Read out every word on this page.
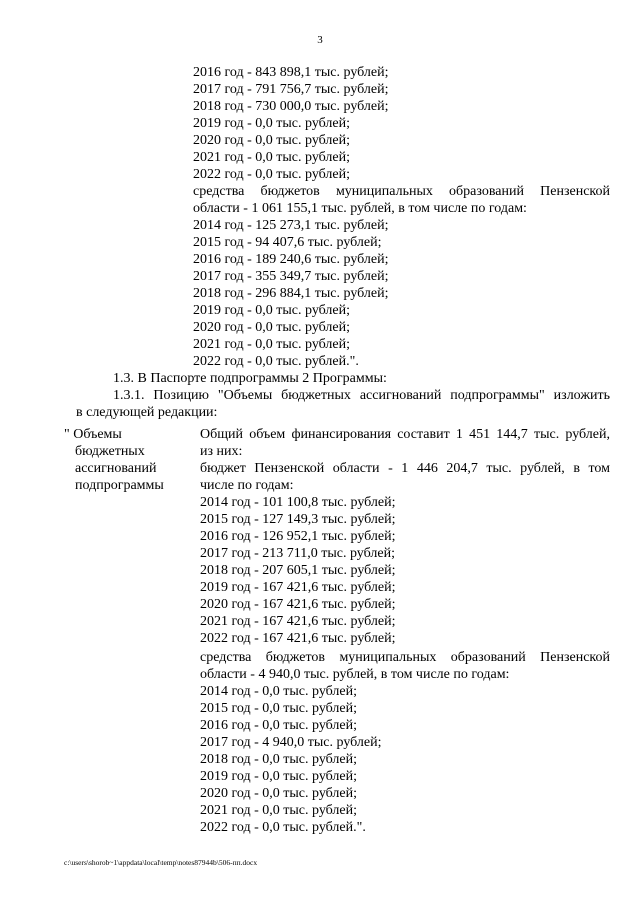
3
2016 год - 843 898,1 тыс. рублей;
2017 год - 791 756,7 тыс. рублей;
2018 год - 730 000,0 тыс. рублей;
2019 год - 0,0 тыс. рублей;
2020 год - 0,0 тыс. рублей;
2021 год - 0,0 тыс. рублей;
2022 год - 0,0 тыс. рублей;
средства бюджетов муниципальных образований Пензенской
области - 1 061 155,1 тыс. рублей, в том числе по годам:
2014 год - 125 273,1 тыс. рублей;
2015 год - 94 407,6 тыс. рублей;
2016 год - 189 240,6 тыс. рублей;
2017 год - 355 349,7 тыс. рублей;
2018 год - 296 884,1 тыс. рублей;
2019 год - 0,0 тыс. рублей;
2020 год - 0,0 тыс. рублей;
2021 год - 0,0 тыс. рублей;
2022 год - 0,0 тыс. рублей.".
1.3. В Паспорте подпрограммы 2 Программы:
1.3.1. Позицию "Объемы бюджетных ассигнований подпрограммы" изложить
в следующей редакции:
" Объемы
бюджетных
ассигнований
подпрограммы
Общий объем финансирования составит 1 451 144,7 тыс. рублей,
из них:
бюджет Пензенской области - 1 446 204,7 тыс. рублей, в том
числе по годам:
2014 год - 101 100,8 тыс. рублей;
2015 год - 127 149,3 тыс. рублей;
2016 год - 126 952,1 тыс. рублей;
2017 год - 213 711,0 тыс. рублей;
2018 год - 207 605,1 тыс. рублей;
2019 год - 167 421,6 тыс. рублей;
2020 год - 167 421,6 тыс. рублей;
2021 год - 167 421,6 тыс. рублей;
2022 год - 167 421,6 тыс. рублей;
средства бюджетов муниципальных образований Пензенской
области - 4 940,0 тыс. рублей, в том числе по годам:
2014 год - 0,0 тыс. рублей;
2015 год - 0,0 тыс. рублей;
2016 год - 0,0 тыс. рублей;
2017 год - 4 940,0 тыс. рублей;
2018 год - 0,0 тыс. рублей;
2019 год - 0,0 тыс. рублей;
2020 год - 0,0 тыс. рублей;
2021 год - 0,0 тыс. рублей;
2022 год - 0,0 тыс. рублей.".
c:\users\shorob~1\appdata\local\temp\notes87944b\506-пп.docx
